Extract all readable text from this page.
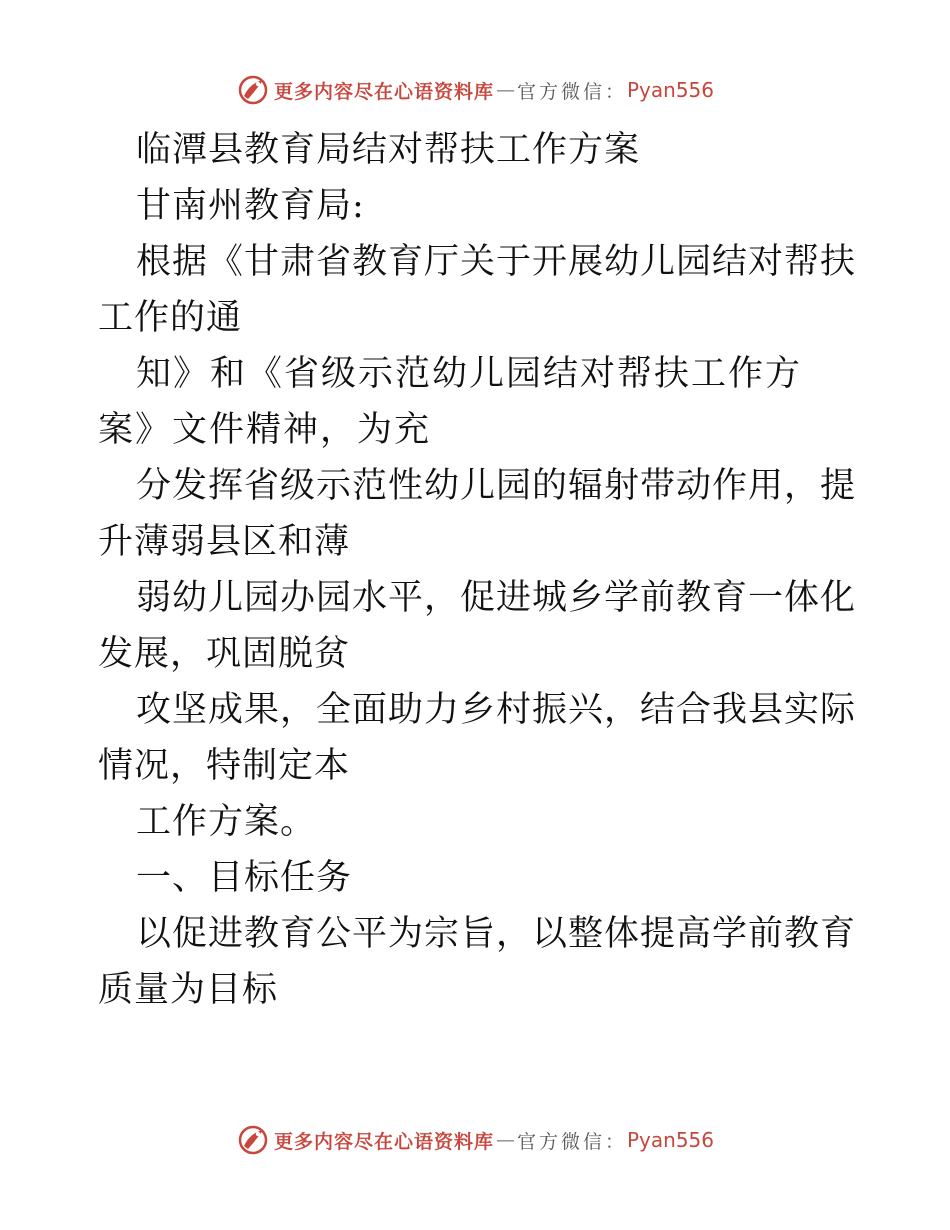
更多内容尽在心语资料库 — 官方微信： Pyan556

临潭县教育局结对帮扶工作方案

甘南州教育局:

根据《甘肃省教育厅关于开展幼儿园结对帮扶工作的通

知》和《省级示范幼儿园结对帮扶工作方案》文件精神，为充

分发挥省级示范性幼儿园的辐射带动作用，提升薄弱县区和薄

弱幼儿园办园水平，促进城乡学前教育一体化发展，巩固脱贫

攻坚成果，全面助力乡村振兴，结合我县实际情况，特制定本

工作方案。

一、目标任务

以促进教育公平为宗旨，以整体提高学前教育质量为目标

更多内容尽在心语资料库 — 官方微信： Pyan556
